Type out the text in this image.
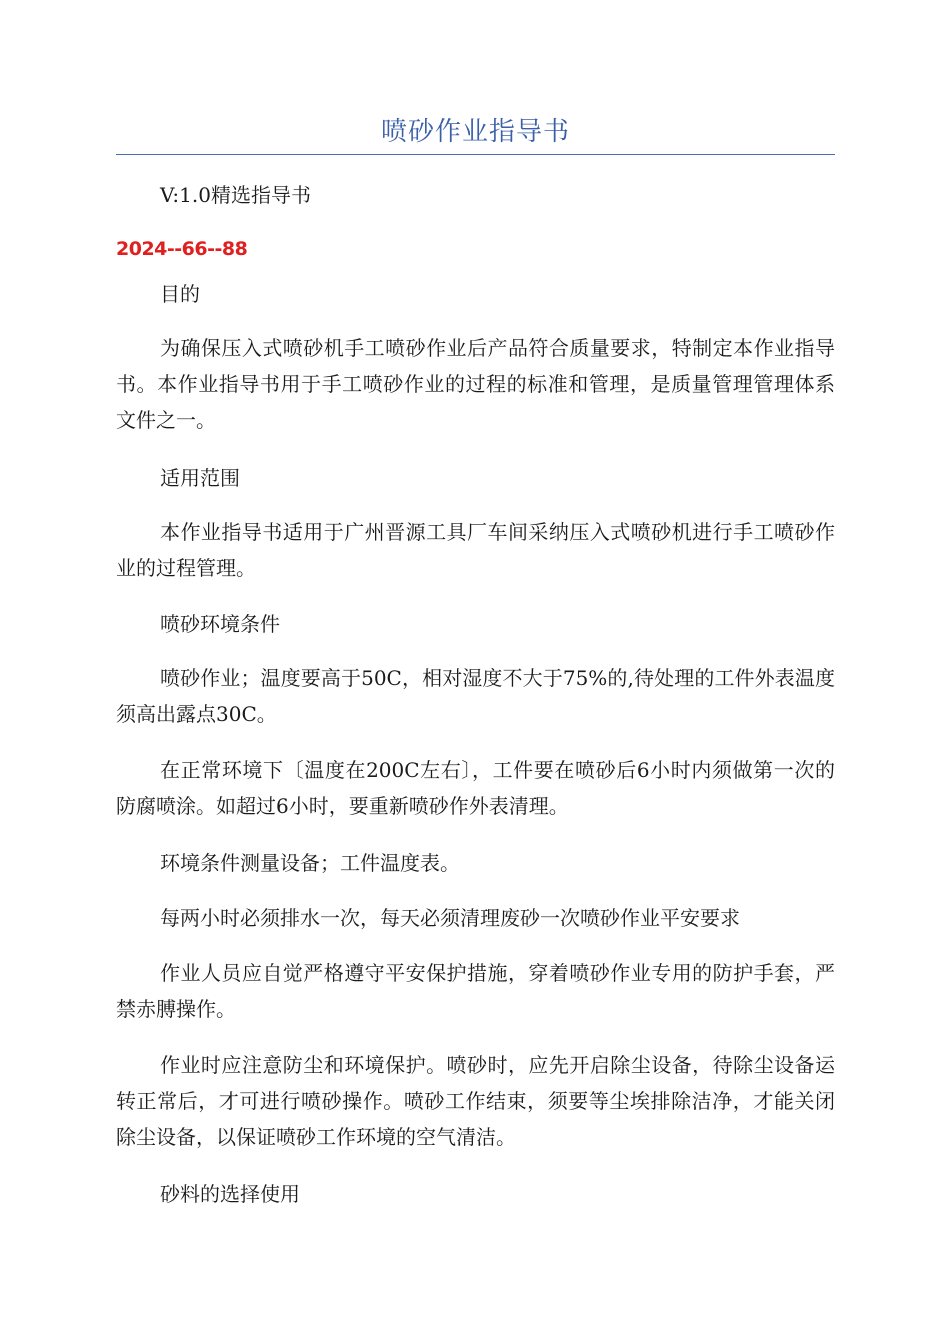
喷砂作业指导书
V:1.0精选指导书
2024--66--88

目的

为确保压入式喷砂机手工喷砂作业后产品符合质量要求，特制定本作业指导书。本作业指导书用于手工喷砂作业的过程的标准和管理，是质量管理管理体系文件之一。

适用范围

本作业指导书适用于广州晋源工具厂车间采纳压入式喷砂机进行手工喷砂作业的过程管理。

喷砂环境条件

喷砂作业；温度要高于50C，相对湿度不大于75%的,待处理的工件外表温度须高出露点30C。

在正常环境下〔温度在200C左右〕，工件要在喷砂后6小时内须做第一次的防腐喷涂。如超过6小时，要重新喷砂作外表清理。

环境条件测量设备；工件温度表。

每两小时必须排水一次，每天必须清理废砂一次喷砂作业平安要求

作业人员应自觉严格遵守平安保护措施，穿着喷砂作业专用的防护手套，严禁赤膊操作。

作业时应注意防尘和环境保护。喷砂时，应先开启除尘设备，待除尘设备运转正常后，才可进行喷砂操作。喷砂工作结束，须要等尘埃排除洁净，才能关闭除尘设备，以保证喷砂工作环境的空气清洁。

砂料的选择使用
